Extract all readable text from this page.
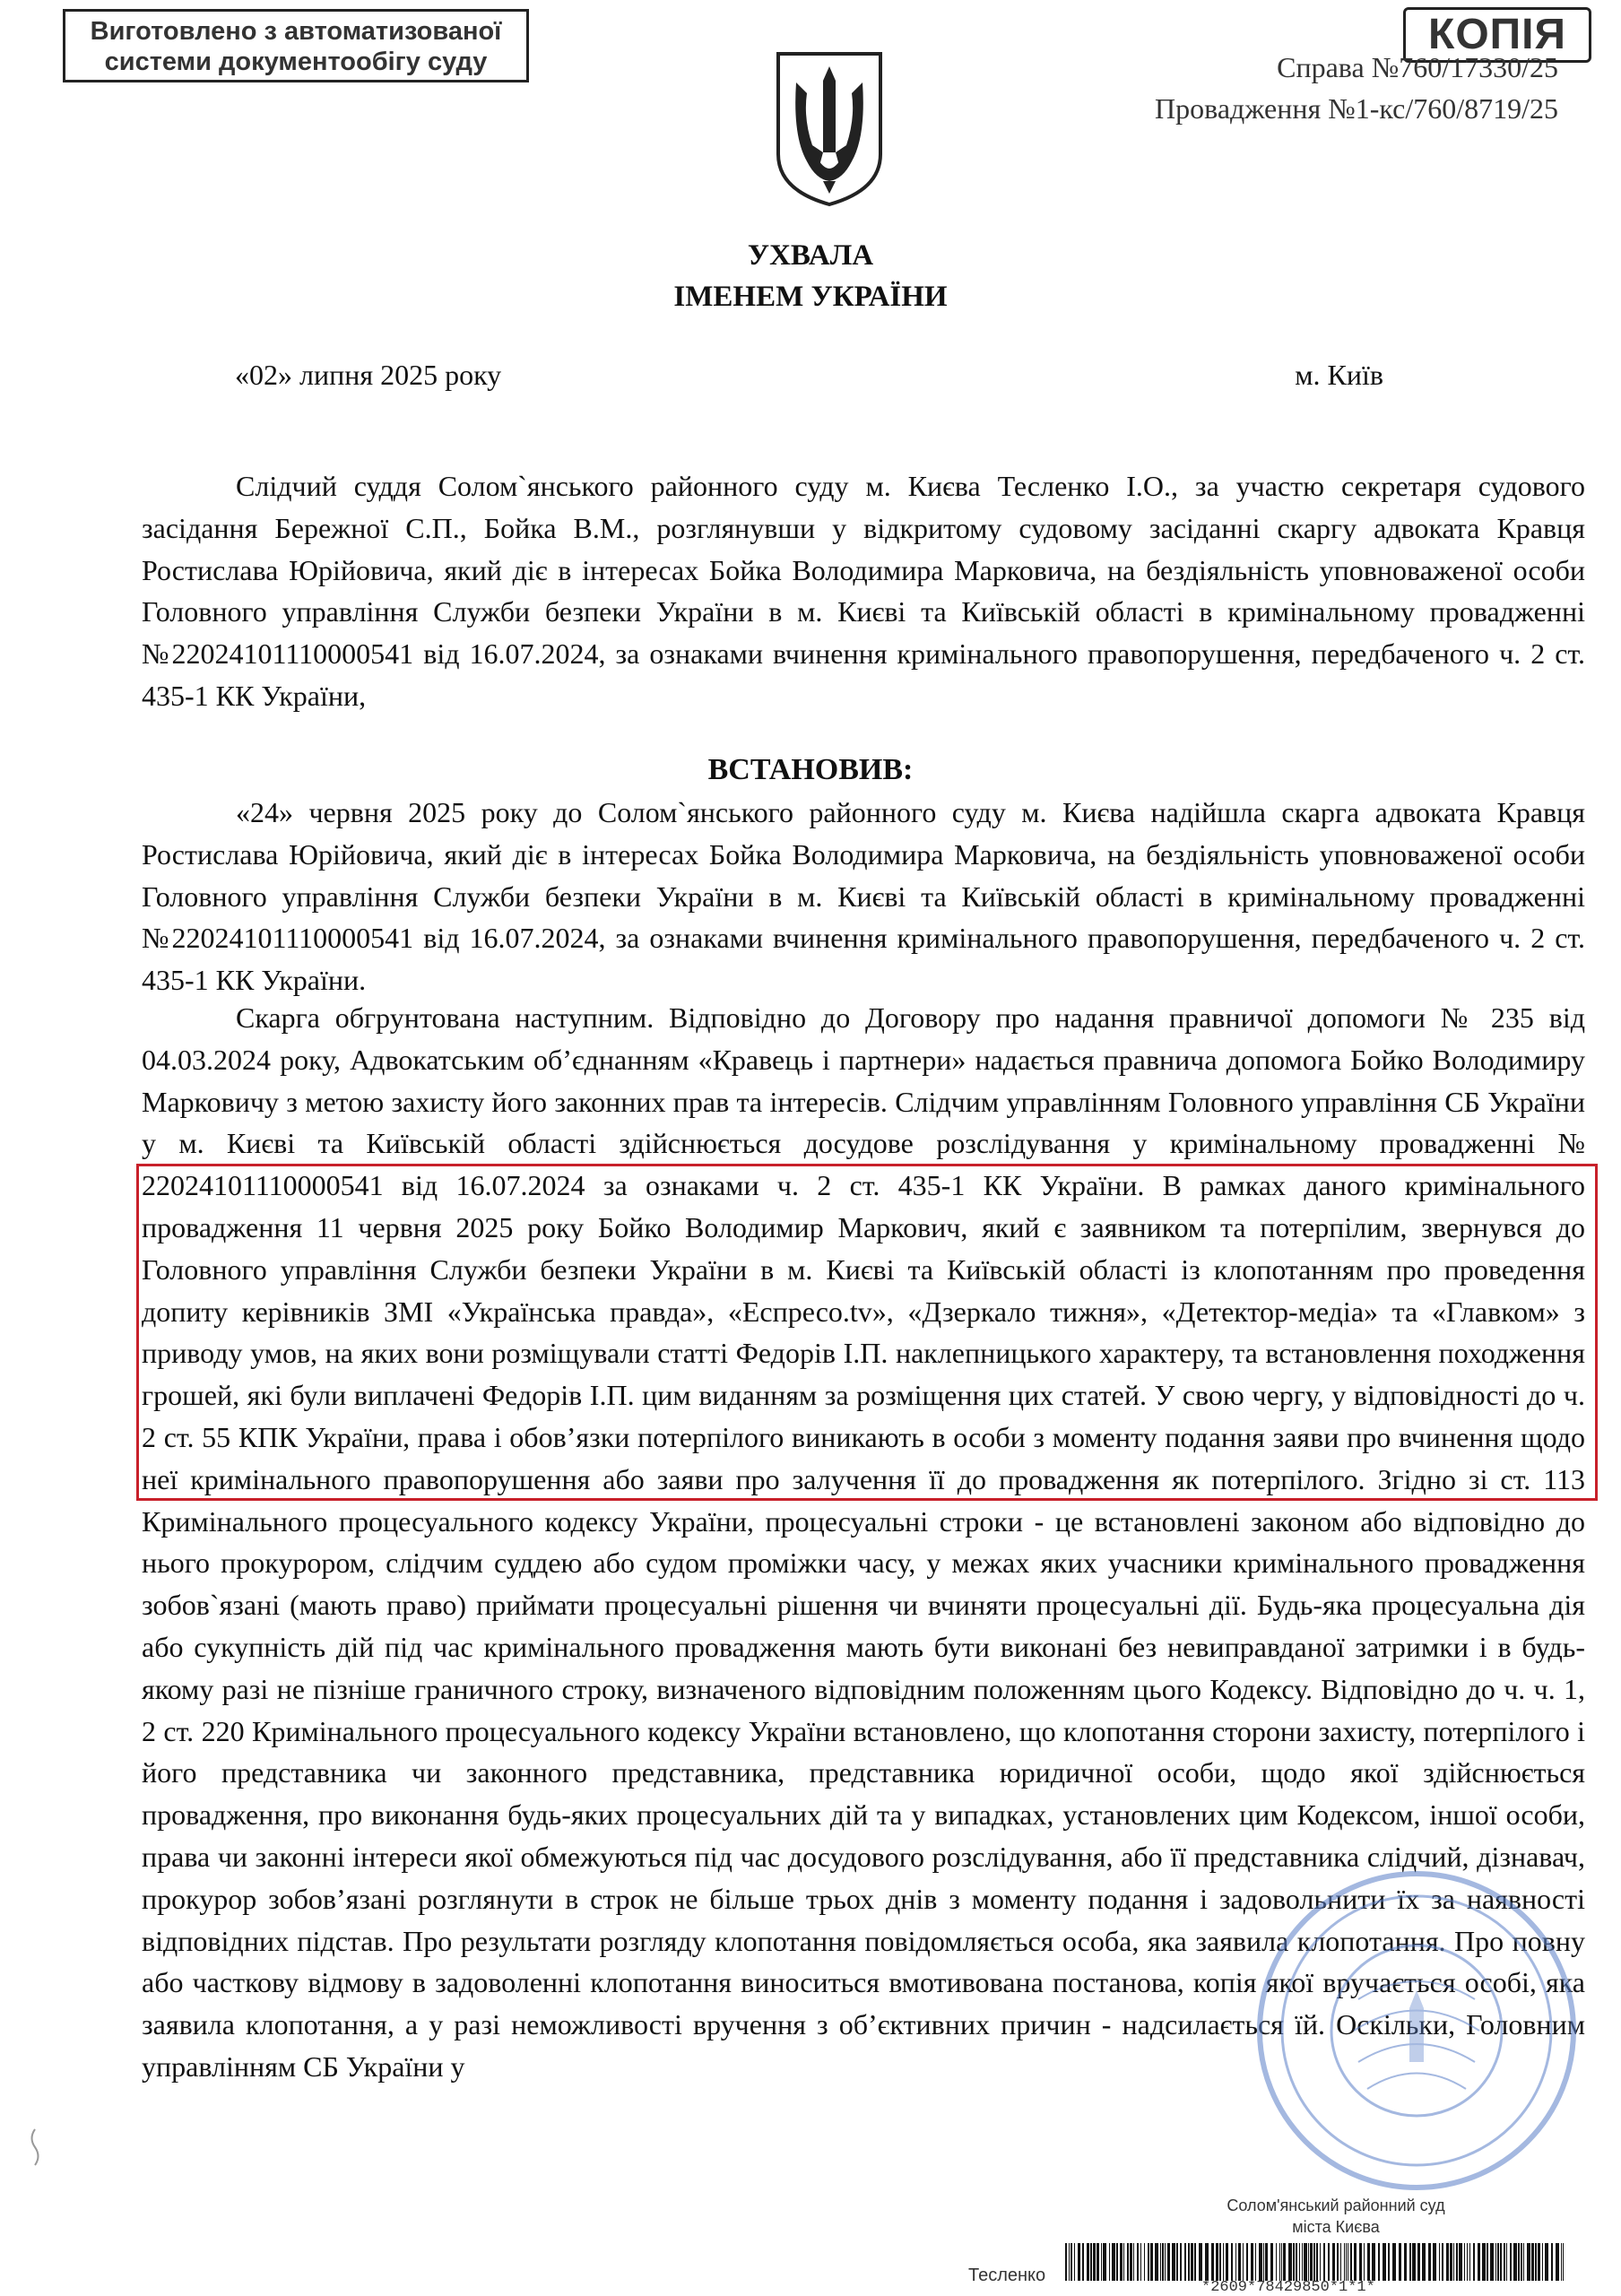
Виготовлено з автоматизованої
системи документообігу суду
КОПІЯ
Справа №760/17330/25
Провадження №1-кс/760/8719/25
УХВАЛА
ІМЕНЕМ УКРАЇНИ
«02» липня 2025 року	м. Київ

Слідчий суддя Солом`янського районного суду м. Києва Тесленко І.О., за участю секретаря судового засідання Бережної С.П., Бойка В.М., розглянувши у відкритому судовому засіданні скаргу адвоката Кравця Ростислава Юрійовича, який діє в інтересах Бойка Володимира Марковича, на бездіяльність уповноваженої особи Головного управління Служби безпеки України в м. Києві та Київській області в кримінальному провадженні №22024101110000541 від 16.07.2024, за ознаками вчинення кримінального правопорушення, передбаченого ч. 2 ст. 435-1 КК України,

ВСТАНОВИВ:

«24» червня 2025 року до Солом`янського районного суду м. Києва надійшла скарга адвоката Кравця Ростислава Юрійовича, який діє в інтересах Бойка Володимира Марковича, на бездіяльність уповноваженої особи Головного управління Служби безпеки України в м. Києві та Київській області в кримінальному провадженні №22024101110000541 від 16.07.2024, за ознаками вчинення кримінального правопорушення, передбаченого ч. 2 ст. 435-1 КК України.

Скарга обгрунтована наступним. Відповідно до Договору про надання правничої допомоги № 235 від 04.03.2024 року, Адвокатським об’єднанням «Кравець і партнери» надається правнича допомога Бойко Володимиру Марковичу з метою захисту його законних прав та інтересів. Слідчим управлінням Головного управління СБ України у м. Києві та Київській області здійснюється досудове розслідування у кримінальному провадженні № 22024101110000541 від 16.07.2024 за ознаками ч. 2 ст. 435-1 КК України. В рамках даного кримінального провадження 11 червня 2025 року Бойко Володимир Маркович, який є заявником та потерпілим, звернувся до Головного управління Служби безпеки України в м. Києві та Київській області із клопотанням про проведення допиту керівників ЗМІ «Українська правда», «Еспресо.tv», «Дзеркало тижня», «Детектор-медіа» та «Главком» з приводу умов, на яких вони розміщували статті Федорів І.П. наклепницького характеру, та встановлення походження грошей, які були виплачені Федорів І.П. цим виданням за розміщення цих статей. У свою чергу, у відповідності до ч. 2 ст. 55 КПК України, права і обов’язки потерпілого виникають в особи з моменту подання заяви про вчинення щодо неї кримінального правопорушення або заяви про залучення її до провадження як потерпілого. Згідно зі ст. 113 Кримінального процесуального кодексу України, процесуальні строки - це встановлені законом або відповідно до нього прокурором, слідчим суддею або судом проміжки часу, у межах яких учасники кримінального провадження зобов`язані (мають право) приймати процесуальні рішення чи вчиняти процесуальні дії. Будь-яка процесуальна дія або сукупність дій під час кримінального провадження мають бути виконані без невиправданої затримки і в будь-якому разі не пізніше граничного строку, визначеного відповідним положенням цього Кодексу. Відповідно до ч. ч. 1, 2 ст. 220 Кримінального процесуального кодексу України встановлено, що клопотання сторони захисту, потерпілого і його представника чи законного представника, представника юридичної особи, щодо якої здійснюється провадження, про виконання будь-яких процесуальних дій та у випадках, установлених цим Кодексом, іншої особи, права чи законні інтереси якої обмежуються під час досудового розслідування, або її представника слідчий, дізнавач, прокурор зобов’язані розглянути в строк не більше трьох днів з моменту подання і задовольнити їх за наявності відповідних підстав. Про результати розгляду клопотання повідомляється особа, яка заявила клопотання. Про повну або часткову відмову в задоволенні клопотання виноситься вмотивована постанова, копія якої вручається особі, яка заявила клопотання, а у разі неможливості вручення з об’єктивних причин - надсилається їй. Оскільки, Головним управлінням СБ України у

Солом'янський районний суд
міста Києва
Тесленко
*2609*78429850*1*1*
